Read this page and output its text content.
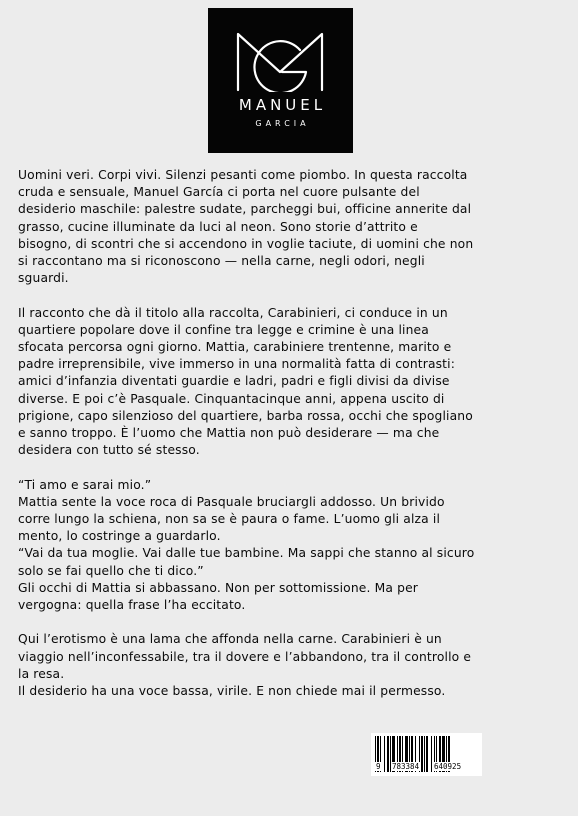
MANUEL
GARCIA

Uomini veri. Corpi vivi. Silenzi pesanti come piombo. In questa raccolta
cruda e sensuale, Manuel García ci porta nel cuore pulsante del
desiderio maschile: palestre sudate, parcheggi bui, officine annerite dal
grasso, cucine illuminate da luci al neon. Sono storie d’attrito e
bisogno, di scontri che si accendono in voglie taciute, di uomini che non
si raccontano ma si riconoscono — nella carne, negli odori, negli
sguardi.

Il racconto che dà il titolo alla raccolta, Carabinieri, ci conduce in un
quartiere popolare dove il confine tra legge e crimine è una linea
sfocata percorsa ogni giorno. Mattia, carabiniere trentenne, marito e
padre irreprensibile, vive immerso in una normalità fatta di contrasti:
amici d’infanzia diventati guardie e ladri, padri e figli divisi da divise
diverse. E poi c’è Pasquale. Cinquantacinque anni, appena uscito di
prigione, capo silenzioso del quartiere, barba rossa, occhi che spogliano
e sanno troppo. È l’uomo che Mattia non può desiderare — ma che
desidera con tutto sé stesso.

“Ti amo e sarai mio.”
Mattia sente la voce roca di Pasquale bruciargli addosso. Un brivido
corre lungo la schiena, non sa se è paura o fame. L’uomo gli alza il
mento, lo costringe a guardarlo.
“Vai da tua moglie. Vai dalle tue bambine. Ma sappi che stanno al sicuro
solo se fai quello che ti dico.”
Gli occhi di Mattia si abbassano. Non per sottomissione. Ma per
vergogna: quella frase l’ha eccitato.

Qui l’erotismo è una lama che affonda nella carne. Carabinieri è un
viaggio nell’inconfessabile, tra il dovere e l’abbandono, tra il controllo e
la resa.
Il desiderio ha una voce bassa, virile. E non chiede mai il permesso.

9 783384 640925
